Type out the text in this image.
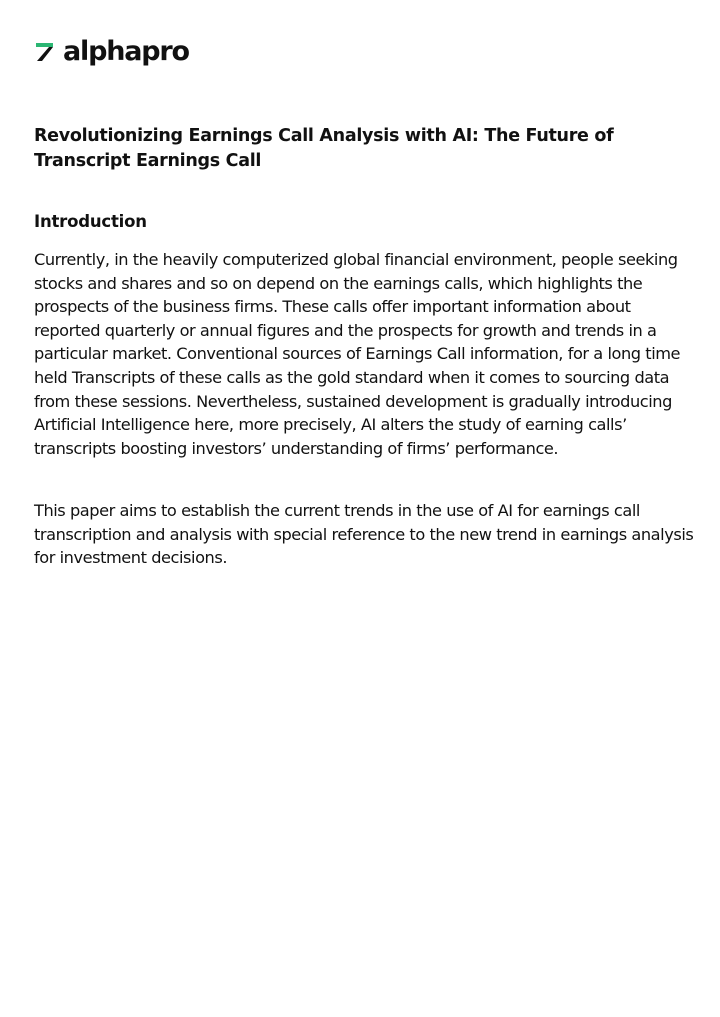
alphapro
Revolutionizing Earnings Call Analysis with AI: The Future of Transcript Earnings Call
Introduction

Currently, in the heavily computerized global financial environment, people seeking stocks and shares and so on depend on the earnings calls, which highlights the prospects of the business firms. These calls offer important information about reported quarterly or annual figures and the prospects for growth and trends in a particular market. Conventional sources of Earnings Call information, for a long time held Transcripts of these calls as the gold standard when it comes to sourcing data from these sessions. Nevertheless, sustained development is gradually introducing Artificial Intelligence here, more precisely, AI alters the study of earning calls’ transcripts boosting investors’ understanding of firms’ performance.

This paper aims to establish the current trends in the use of AI for earnings call transcription and analysis with special reference to the new trend in earnings analysis for investment decisions.
